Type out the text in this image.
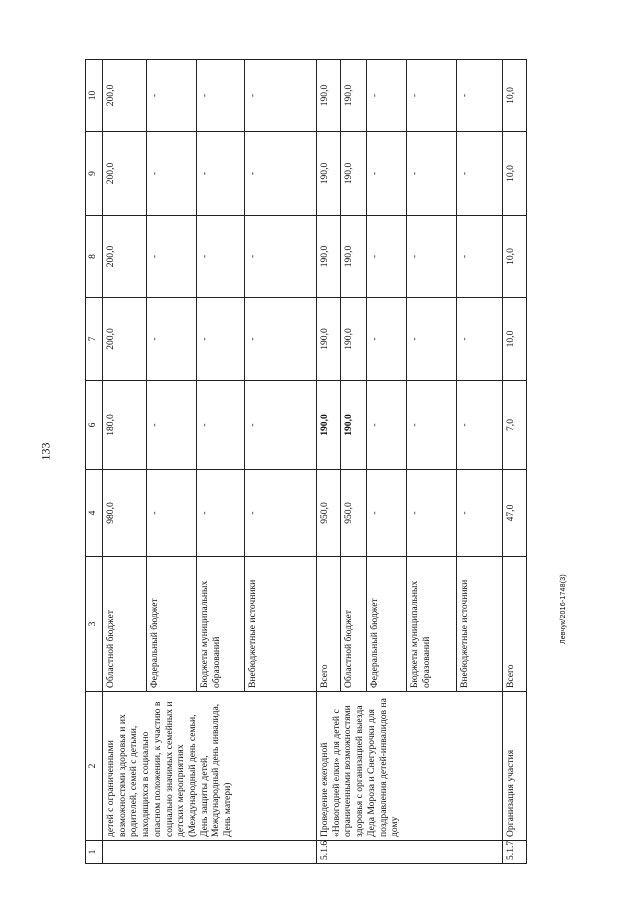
133
Левчук/2016-1748(3)
1	2	3	4	6	7	8	9	10
	детей с ограниченными возможностями здоровья и их родителей, семей с детьми, находящихся в социально опасном положении, к участию в социально значимых семейных и детских мероприятиях (Международный день семьи, День защиты детей, Международный день инвалида, День матери)	Областной бюджет	980,0	180,0	200,0	200,0	200,0	200,0
		Федеральный бюджет	-	-	-	-	-	-
		Бюджеты муниципальных образований	-	-	-	-	-	-
		Внебюджетные источники	-	-	-	-	-	-
5.1.6	Проведение ежегодной «Новогодней елки» для детей с ограниченными возможностями здоровья с организацией выезда Деда Мороза и Снегурочки для поздравления детей-инвалидов на дому	Всего	950,0	190,0	190,0	190,0	190,0	190,0
		Областной бюджет	950,0	190,0	190,0	190,0	190,0	190,0
		Федеральный бюджет	-	-	-	-	-	-
		Бюджеты муниципальных образований	-	-	-	-	-	-
		Внебюджетные источники	-	-	-	-	-	-
5.1.7	Организация участия	Всего	47,0	7,0	10,0	10,0	10,0	10,0
